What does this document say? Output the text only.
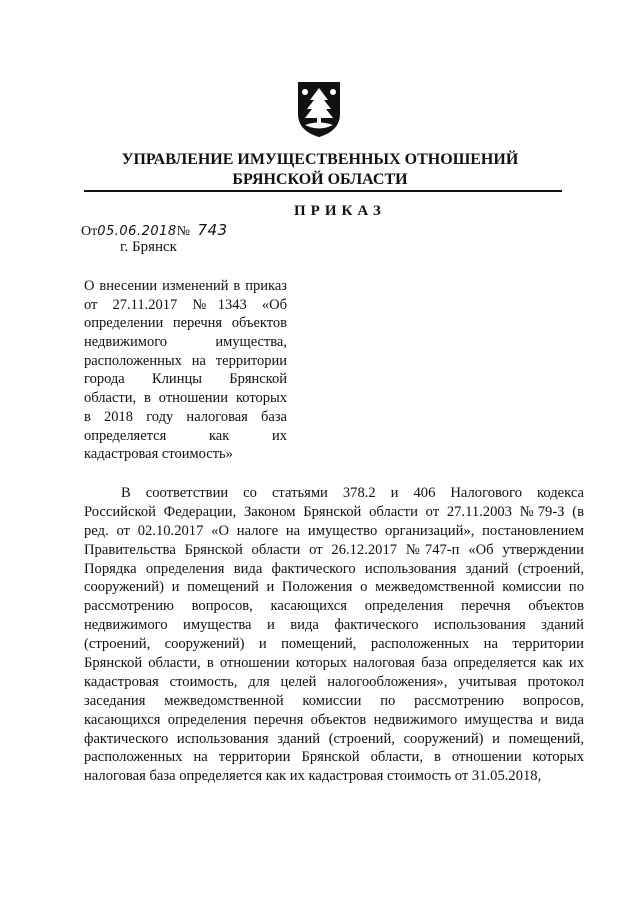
УПРАВЛЕНИЕ ИМУЩЕСТВЕННЫХ ОТНОШЕНИЙ
БРЯНСКОЙ ОБЛАСТИ
ПРИКАЗ
От05.06.2018№ 743
г. Брянск
О внесении изменений в приказ
от 27.11.2017 №1343 «Об
определении перечня объектов
недвижимого имущества,
расположенных на территории
города Клинцы Брянской
области, в отношении которых
в 2018 году налоговая база
определяется как их
кадастровая стоимость»
В соответствии со статьями 378.2 и 406 Налогового кодекса
Российской Федерации, Законом Брянской области от 27.11.2003 №79-З (в
ред. от 02.10.2017 «О налоге на имущество организаций», постановлением
Правительства Брянской области от 26.12.2017 №747-п «Об утверждении
Порядка определения вида фактического использования зданий (строений,
сооружений) и помещений и Положения о межведомственной комиссии по
рассмотрению вопросов, касающихся определения перечня объектов
недвижимого имущества и вида фактического использования зданий
(строений, сооружений) и помещений, расположенных на территории
Брянской области, в отношении которых налоговая база определяется как их
кадастровая стоимость, для целей налогообложения», учитывая протокол
заседания межведомственной комиссии по рассмотрению вопросов,
касающихся определения перечня объектов недвижимого имущества и вида
фактического использования зданий (строений, сооружений) и помещений,
расположенных на территории Брянской области, в отношении которых
налоговая база определяется как их кадастровая стоимость от 31.05.2018,
